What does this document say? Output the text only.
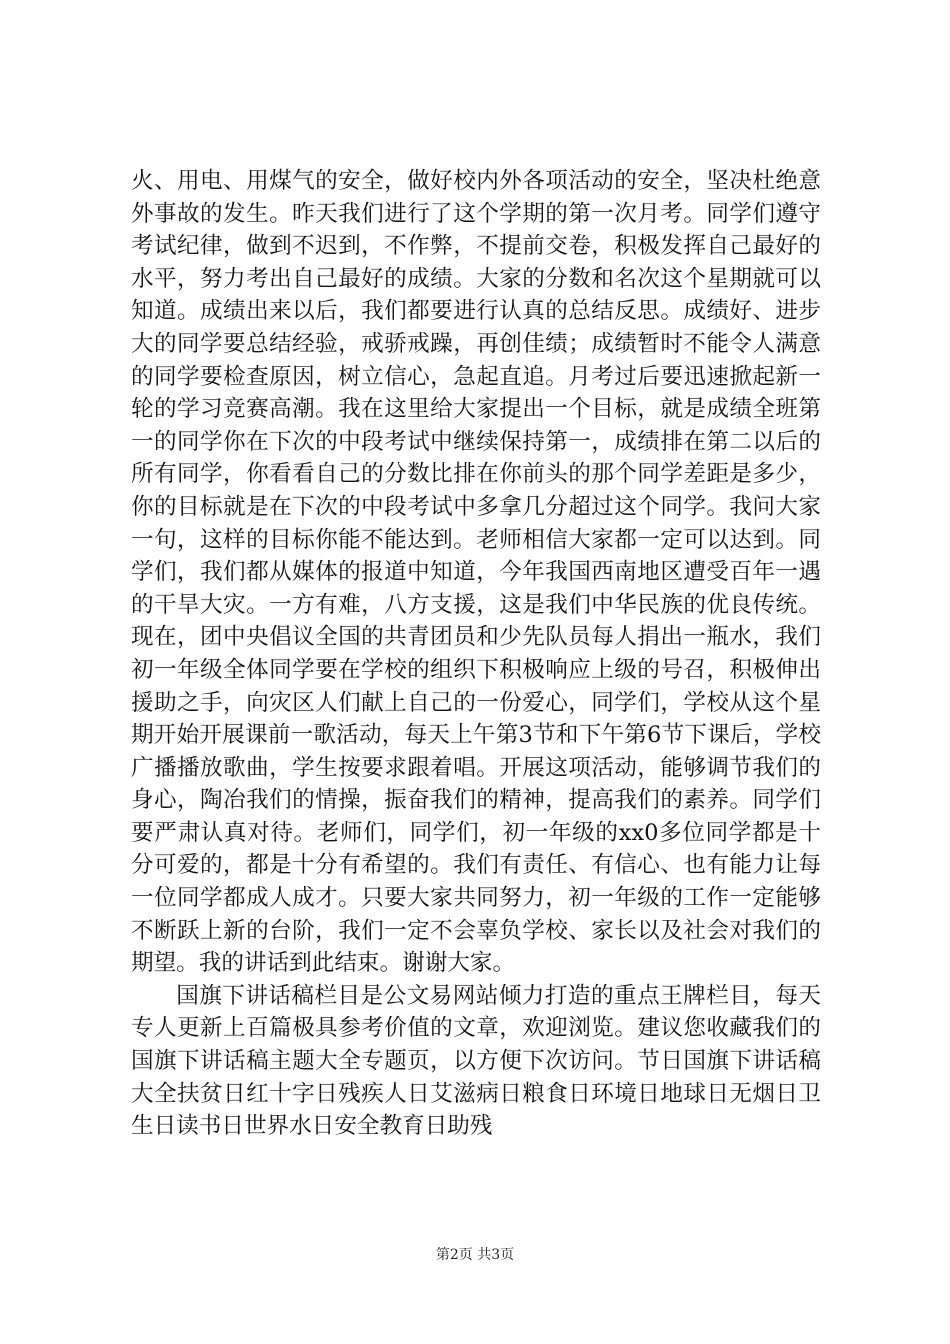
火、用电、用煤气的安全，做好校内外各项活动的安全，坚决杜绝意外事故的发生。昨天我们进行了这个学期的第一次月考。同学们遵守考试纪律，做到不迟到，不作弊，不提前交卷，积极发挥自己最好的水平，努力考出自己最好的成绩。大家的分数和名次这个星期就可以知道。成绩出来以后，我们都要进行认真的总结反思。成绩好、进步大的同学要总结经验，戒骄戒躁，再创佳绩；成绩暂时不能令人满意的同学要检查原因，树立信心，急起直追。月考过后要迅速掀起新一轮的学习竞赛高潮。我在这里给大家提出一个目标，就是成绩全班第一的同学你在下次的中段考试中继续保持第一，成绩排在第二以后的所有同学，你看看自己的分数比排在你前头的那个同学差距是多少，你的目标就是在下次的中段考试中多拿几分超过这个同学。我问大家一句，这样的目标你能不能达到。老师相信大家都一定可以达到。同学们，我们都从媒体的报道中知道，今年我国西南地区遭受百年一遇的干旱大灾。一方有难，八方支援，这是我们中华民族的优良传统。现在，团中央倡议全国的共青团员和少先队员每人捐出一瓶水，我们初一年级全体同学要在学校的组织下积极响应上级的号召，积极伸出援助之手，向灾区人们献上自己的一份爱心，同学们，学校从这个星期开始开展课前一歌活动，每天上午第3节和下午第6节下课后，学校广播播放歌曲，学生按要求跟着唱。开展这项活动，能够调节我们的身心，陶冶我们的情操，振奋我们的精神，提高我们的素养。同学们要严肃认真对待。老师们，同学们，初一年级的xx0多位同学都是十分可爱的，都是十分有希望的。我们有责任、有信心、也有能力让每一位同学都成人成才。只要大家共同努力，初一年级的工作一定能够不断跃上新的台阶，我们一定不会辜负学校、家长以及社会对我们的期望。我的讲话到此结束。谢谢大家。

国旗下讲话稿栏目是公文易网站倾力打造的重点王牌栏目，每天专人更新上百篇极具参考价值的文章，欢迎浏览。建议您收藏我们的国旗下讲话稿主题大全专题页，以方便下次访问。节日国旗下讲话稿大全扶贫日红十字日残疾人日艾滋病日粮食日环境日地球日无烟日卫生日读书日世界水日安全教育日助残

第2页 共3页
